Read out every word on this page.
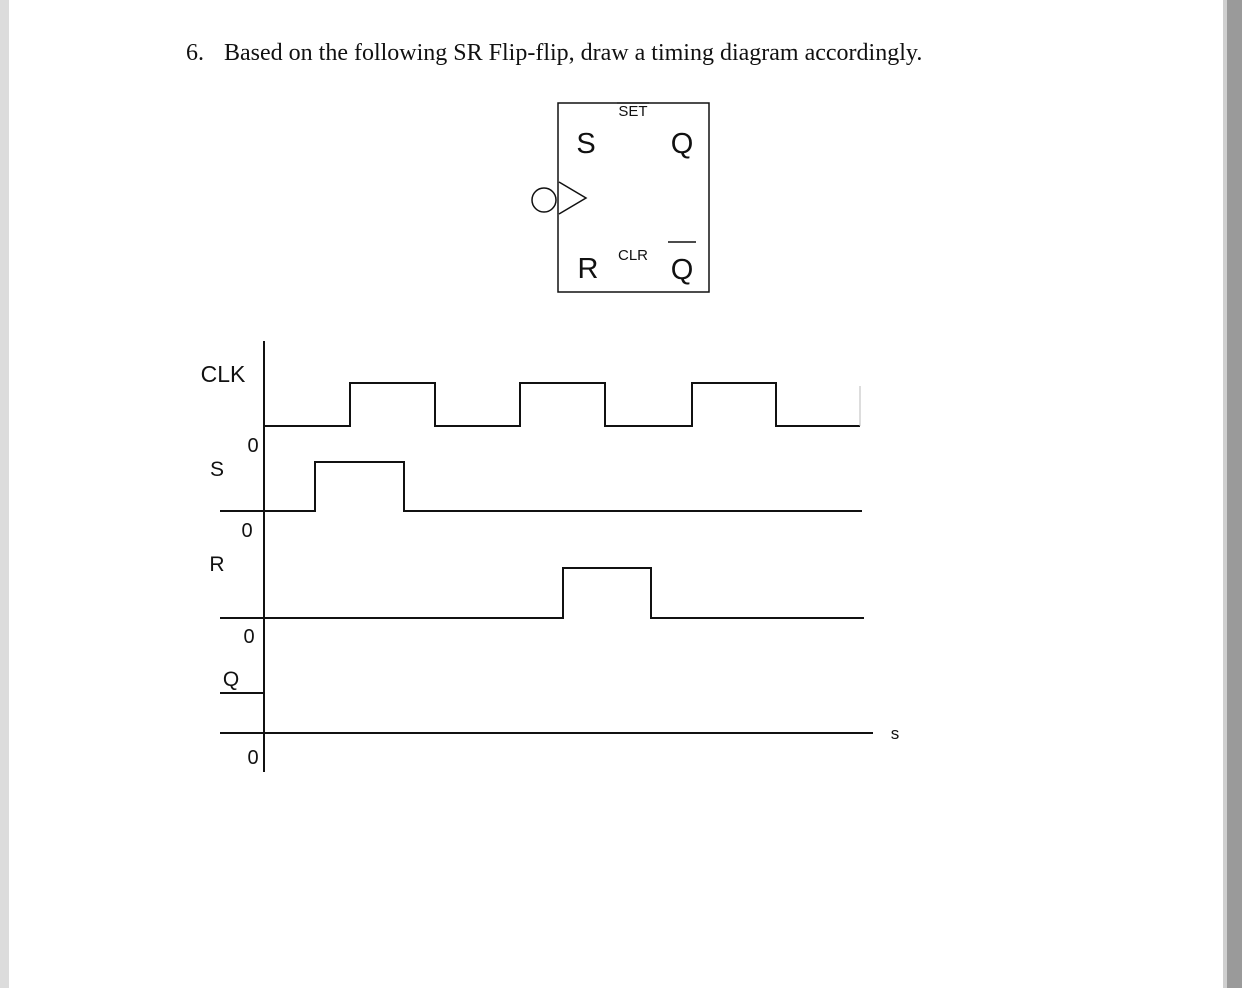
6. Based on the following SR Flip-flip, draw a timing diagram accordingly.
SET
S	Q
R CLR Q
CLK
S
0
0
R
0
Q
0
s
